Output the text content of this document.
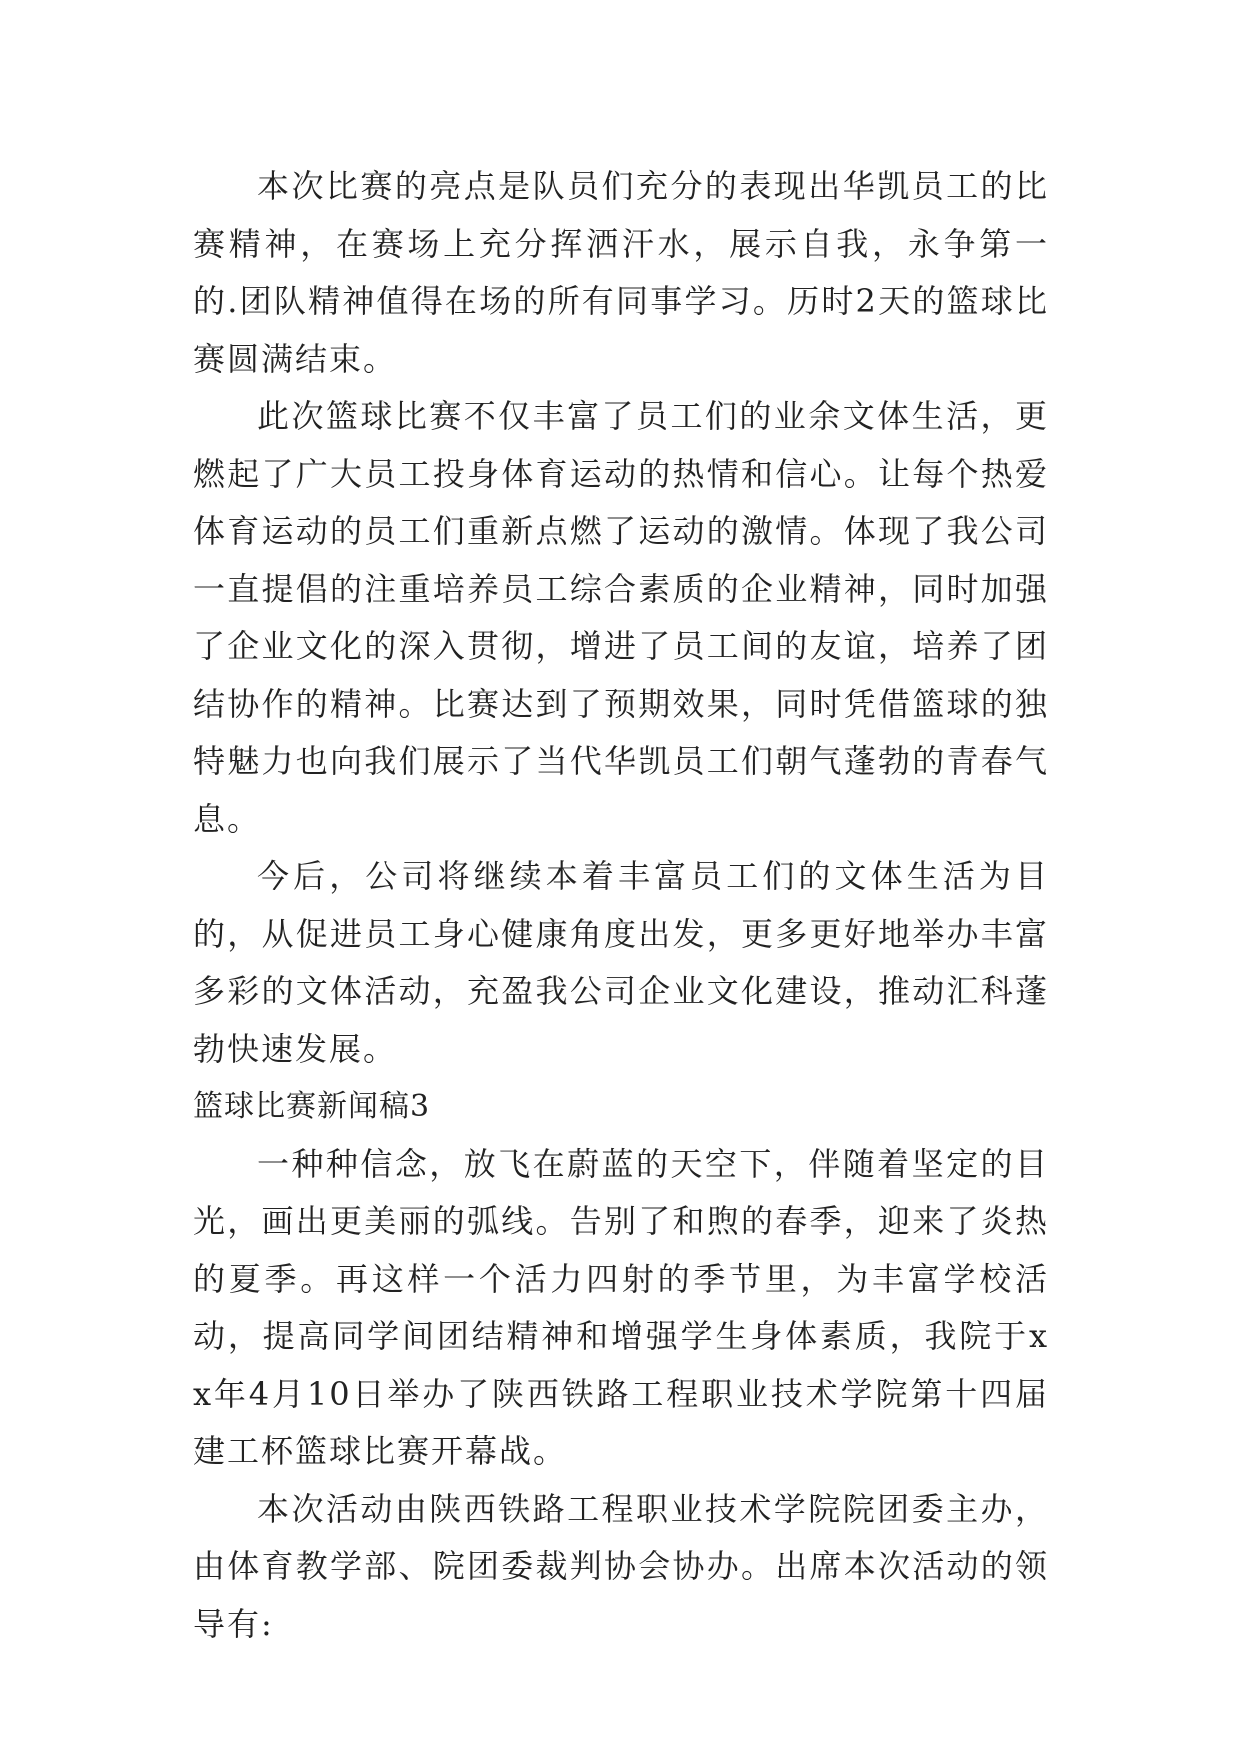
本次比赛的亮点是队员们充分的表现出华凯员工的比赛精神，在赛场上充分挥洒汗水，展示自我，永争第一的.团队精神值得在场的所有同事学习。历时2天的篮球比赛圆满结束。

此次篮球比赛不仅丰富了员工们的业余文体生活，更燃起了广大员工投身体育运动的热情和信心。让每个热爱体育运动的员工们重新点燃了运动的激情。体现了我公司一直提倡的注重培养员工综合素质的企业精神，同时加强了企业文化的深入贯彻，增进了员工间的友谊，培养了团结协作的精神。比赛达到了预期效果，同时凭借篮球的独特魅力也向我们展示了当代华凯员工们朝气蓬勃的青春气息。

今后，公司将继续本着丰富员工们的文体生活为目的，从促进员工身心健康角度出发，更多更好地举办丰富多彩的文体活动，充盈我公司企业文化建设，推动汇科蓬勃快速发展。

篮球比赛新闻稿3

一种种信念，放飞在蔚蓝的天空下，伴随着坚定的目光，画出更美丽的弧线。告别了和煦的春季，迎来了炎热的夏季。再这样一个活力四射的季节里，为丰富学校活动，提高同学间团结精神和增强学生身体素质，我院于xx年4月10日举办了陕西铁路工程职业技术学院第十四届建工杯篮球比赛开幕战。

本次活动由陕西铁路工程职业技术学院院团委主办，由体育教学部、院团委裁判协会协办。出席本次活动的领导有:
